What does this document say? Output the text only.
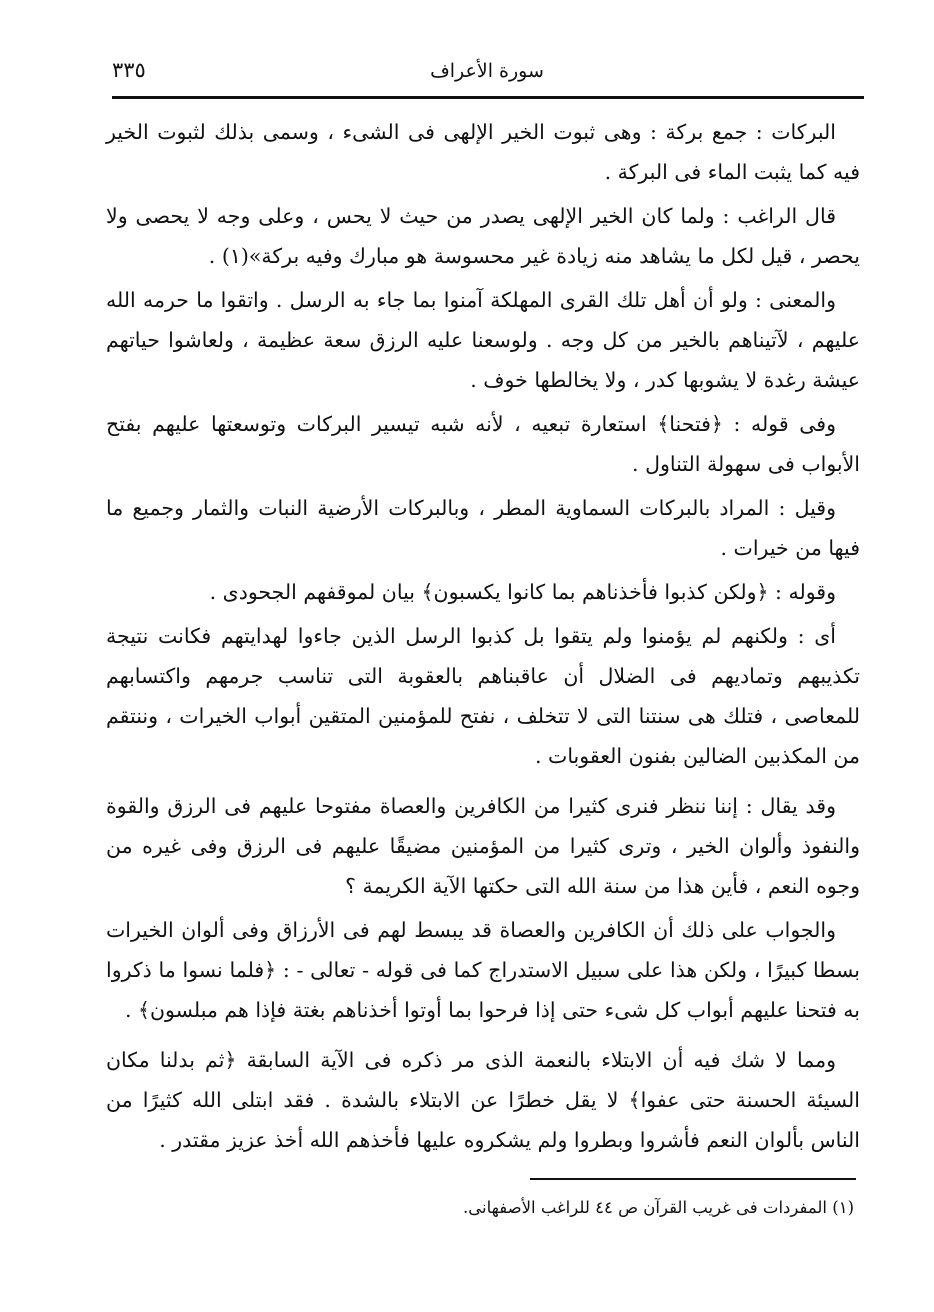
سورة الأعراف
٣٣٥

البركات : جمع بركة : وهى ثبوت الخير الإلهى فى الشىء ، وسمى بذلك لثبوت الخير فيه كما يثبت الماء فى البركة .

قال الراغب : ولما كان الخير الإلهى يصدر من حيث لا يحس ، وعلى وجه لا يحصى ولا يحصر ، قيل لكل ما يشاهد منه زيادة غير محسوسة هو مبارك وفيه بركة»(١) .

والمعنى : ولو أن أهل تلك القرى المهلكة آمنوا بما جاء به الرسل . واتقوا ما حرمه الله عليهم ، لآتيناهم بالخير من كل وجه . ولوسعنا عليه الرزق سعة عظيمة ، ولعاشوا حياتهم عيشة رغدة لا يشوبها كدر ، ولا يخالطها خوف .

وفى قوله : ﴿فتحنا﴾ استعارة تبعيه ، لأنه شبه تيسير البركات وتوسعتها عليهم بفتح الأبواب فى سهولة التناول .

وقيل : المراد بالبركات السماوية المطر ، وبالبركات الأرضية النبات والثمار وجميع ما فيها من خيرات .

وقوله : ﴿ولكن كذبوا فأخذناهم بما كانوا يكسبون﴾ بيان لموقفهم الجحودى .

أى : ولكنهم لم يؤمنوا ولم يتقوا بل كذبوا الرسل الذين جاءوا لهدايتهم فكانت نتيجة تكذيبهم وتماديهم فى الضلال أن عاقبناهم بالعقوبة التى تناسب جرمهم واكتسابهم للمعاصى ، فتلك هى سنتنا التى لا تتخلف ، نفتح للمؤمنين المتقين أبواب الخيرات ، وننتقم من المكذبين الضالين بفنون العقوبات .

وقد يقال : إننا ننظر فنرى كثيرا من الكافرين والعصاة مفتوحا عليهم فى الرزق والقوة والنفوذ وألوان الخير ، وترى كثيرا من المؤمنين مضيقًا عليهم فى الرزق وفى غيره من وجوه النعم ، فأين هذا من سنة الله التى حكتها الآية الكريمة ؟

والجواب على ذلك أن الكافرين والعصاة قد يبسط لهم فى الأرزاق وفى ألوان الخيرات بسطا كبيرًا ، ولكن هذا على سبيل الاستدراج كما فى قوله - تعالى - : ﴿فلما نسوا ما ذكروا به فتحنا عليهم أبواب كل شىء حتى إذا فرحوا بما أوتوا أخذناهم بغتة فإذا هم مبلسون﴾ .

ومما لا شك فيه أن الابتلاء بالنعمة الذى مر ذكره فى الآية السابقة ﴿ثم بدلنا مكان السيئة الحسنة حتى عفوا﴾ لا يقل خطرًا عن الابتلاء بالشدة . فقد ابتلى الله كثيرًا من الناس بألوان النعم فأشروا وبطروا ولم يشكروه عليها فأخذهم الله أخذ عزيز مقتدر .

(١) المفردات فى غريب القرآن ص ٤٤ للراغب الأصفهانى.
